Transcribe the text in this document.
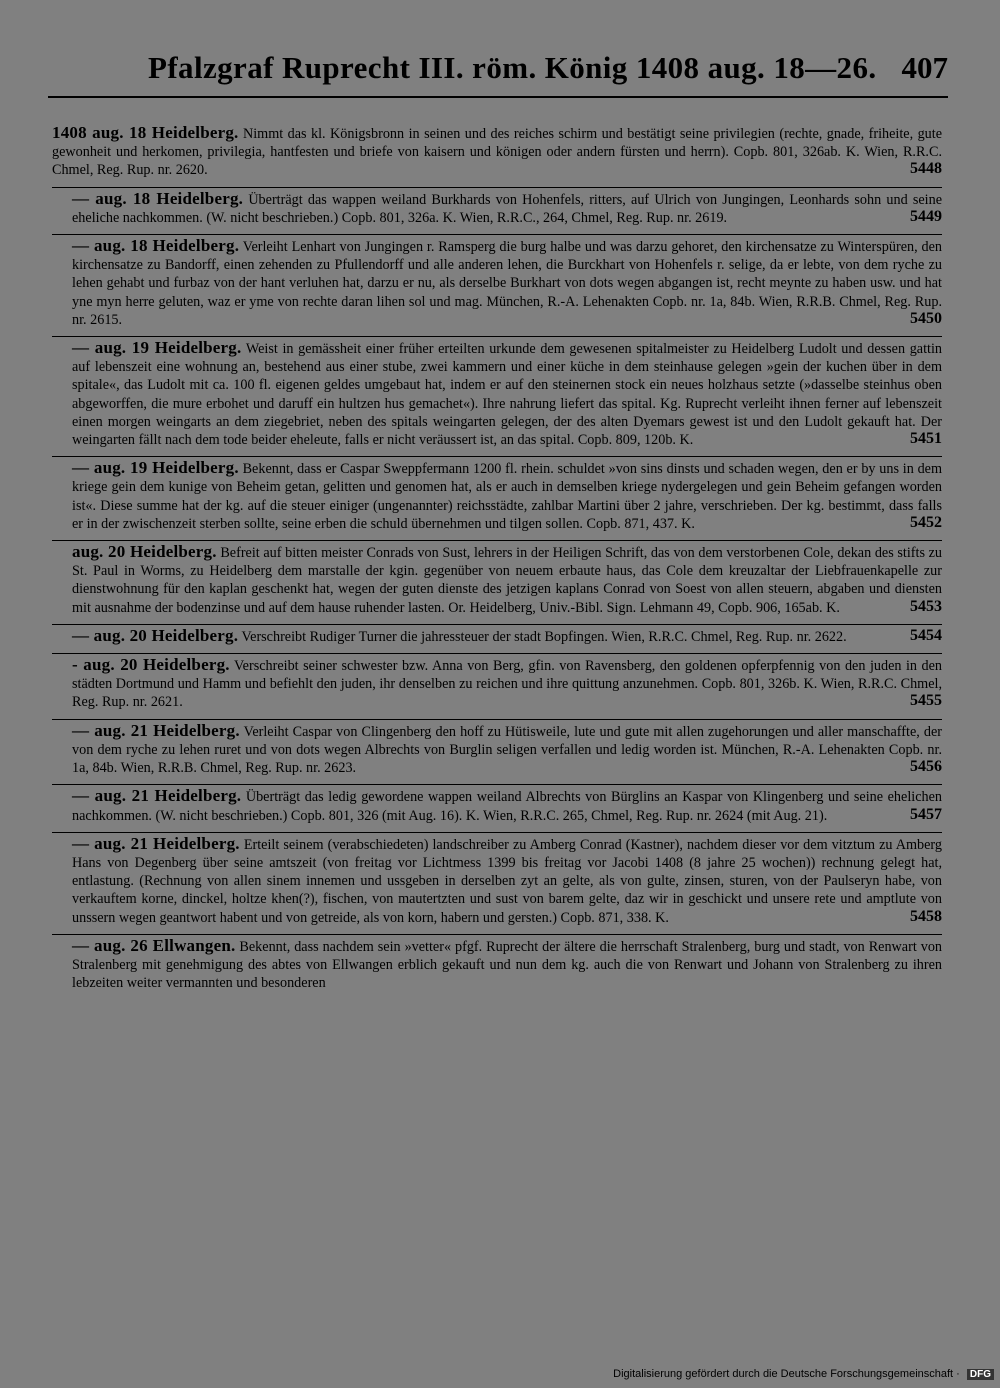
Pfalzgraf Ruprecht III. röm. König 1408 aug. 18—26. 407
1408 aug. 18 Heidelberg. Nimmt das kl. Königsbronn in seinen und des reiches schirm und bestätigt seine privilegien (rechte, gnade, friheite, gute gewonheit und herkomen, privilegia, hantfesten und briefe von kaisern und königen oder andern fürsten und herrn). Copb. 801, 326ab. K. Wien, R.R.C. Chmel, Reg. Rup. nr. 2620.	5448
— aug. 18 Heidelberg. Überträgt das wappen weiland Burkhards von Hohenfels, ritters, auf Ulrich von Jungingen, Leonhards sohn und seine eheliche nachkommen. (W. nicht beschrieben.) Copb. 801, 326a. K. Wien, R.R.C., 264, Chmel, Reg. Rup. nr. 2619.	5449
— aug. 18 Heidelberg. Verleiht Lenhart von Jungingen r. Ramsperg die burg halbe und was darzu gehoret, den kirchensatze zu Winterspüren, den kirchensatze zu Bandorff, einen zehenden zu Pfullendorff und alle anderen lehen, die Burckhart von Hohenfels r. selige, da er lebte, von dem ryche zu lehen gehabt und furbaz von der hant verluhen hat, darzu er nu, als derselbe Burkhart von dots wegen abgangen ist, recht meynte zu haben usw. und hat yne myn herre geluten, waz er yme von rechte daran lihen sol und mag. München, R.-A. Lehenakten Copb. nr. 1a, 84b. Wien, R.R.B. Chmel, Reg. Rup. nr. 2615.	5450
— aug. 19 Heidelberg. Weist in gemässheit einer früher erteilten urkunde dem gewesenen spitalmeister zu Heidelberg Ludolt und dessen gattin auf lebenszeit eine wohnung an, bestehend aus einer stube, zwei kammern und einer küche in dem steinhause gelegen »gein der kuchen über in dem spitale«, das Ludolt mit ca. 100 fl. eigenen geldes umgebaut hat, indem er auf den steinernen stock ein neues holzhaus setzte (»dasselbe steinhus oben abgeworffen, die mure erbohet und daruff ein hultzen hus gemachet«). Ihre nahrung liefert das spital. Kg. Ruprecht verleiht ihnen ferner auf lebenszeit einen morgen weingarts an dem ziegebriet, neben des spitals weingarten gelegen, der des alten Dyemars gewest ist und den Ludolt gekauft hat. Der weingarten fällt nach dem tode beider eheleute, falls er nicht veräussert ist, an das spital. Copb. 809, 120b. K.	5451
— aug. 19 Heidelberg. Bekennt, dass er Caspar Sweppfermann 1200 fl. rhein. schuldet »von sins dinsts und schaden wegen, den er by uns in dem kriege gein dem kunige von Beheim getan, gelitten und genomen hat, als er auch in demselben kriege nydergelegen und gein Beheim gefangen worden ist«. Diese summe hat der kg. auf die steuer einiger (ungenannter) reichsstädte, zahlbar Martini über 2 jahre, verschrieben. Der kg. bestimmt, dass falls er in der zwischenzeit sterben sollte, seine erben die schuld übernehmen und tilgen sollen. Copb. 871, 437. K.	5452
aug. 20 Heidelberg. Befreit auf bitten meister Conrads von Sust, lehrers in der Heiligen Schrift, das von dem verstorbenen Cole, dekan des stifts zu St. Paul in Worms, zu Heidelberg dem marstalle der kgin. gegenüber von neuem erbaute haus, das Cole dem kreuzaltar der Liebfrauenkapelle zur dienstwohnung für den kaplan geschenkt hat, wegen der guten dienste des jetzigen kaplans Conrad von Soest von allen steuern, abgaben und diensten mit ausnahme der bodenzinse und auf dem hause ruhender lasten. Or. Heidelberg, Univ.-Bibl. Sign. Lehmann 49, Copb. 906, 165ab. K.	5453
— aug. 20 Heidelberg. Verschreibt Rudiger Turner die jahressteuer der stadt Bopfingen. Wien, R.R.C. Chmel, Reg. Rup. nr. 2622.	5454
- aug. 20 Heidelberg. Verschreibt seiner schwester bzw. Anna von Berg, gfin. von Ravensberg, den goldenen opferpfennig von den juden in den städten Dortmund und Hamm und befiehlt den juden, ihr denselben zu reichen und ihre quittung anzunehmen. Copb. 801, 326b. K. Wien, R.R.C. Chmel, Reg. Rup. nr. 2621.	5455
— aug. 21 Heidelberg. Verleiht Caspar von Clingenberg den hoff zu Hütisweile, lute und gute mit allen zugehorungen und aller manschaffte, der von dem ryche zu lehen ruret und von dots wegen Albrechts von Burglin seligen verfallen und ledig worden ist. München, R.-A. Lehenakten Copb. nr. 1a, 84b. Wien, R.R.B. Chmel, Reg. Rup. nr. 2623.	5456
— aug. 21 Heidelberg. Überträgt das ledig gewordene wappen weiland Albrechts von Bürglins an Kaspar von Klingenberg und seine ehelichen nachkommen. (W. nicht beschrieben.) Copb. 801, 326 (mit Aug. 16). K. Wien, R.R.C. 265, Chmel, Reg. Rup. nr. 2624 (mit Aug. 21).	5457
— aug. 21 Heidelberg. Erteilt seinem (verabschiedeten) landschreiber zu Amberg Conrad (Kastner), nachdem dieser vor dem vitztum zu Amberg Hans von Degenberg über seine amtszeit (von freitag vor Lichtmess 1399 bis freitag vor Jacobi 1408 (8 jahre 25 wochen)) rechnung gelegt hat, entlastung. (Rechnung von allen sinem innemen und ussgeben in derselben zyt an gelte, als von gulte, zinsen, sturen, von der Paulseryn habe, von verkauftem korne, dinckel, holtze khen(?), fischen, von mautertzten und sust von barem gelte, daz wir in geschickt und unsere rete und amptlute von unssern wegen geantwort habent und von getreide, als von korn, habern und gersten.) Copb. 871, 338. K.	5458
— aug. 26 Ellwangen. Bekennt, dass nachdem sein »vetter« pfgf. Ruprecht der ältere die herrschaft Stralenberg, burg und stadt, von Renwart von Stralenberg mit genehmigung des abtes von Ellwangen erblich gekauft und nun dem kg. auch die von Renwart und Johann von Stralenberg zu ihren lebzeiten weiter vermannten und besonderen
Digitalisierung gefördert durch die Deutsche Forschungsgemeinschaft · DFG
